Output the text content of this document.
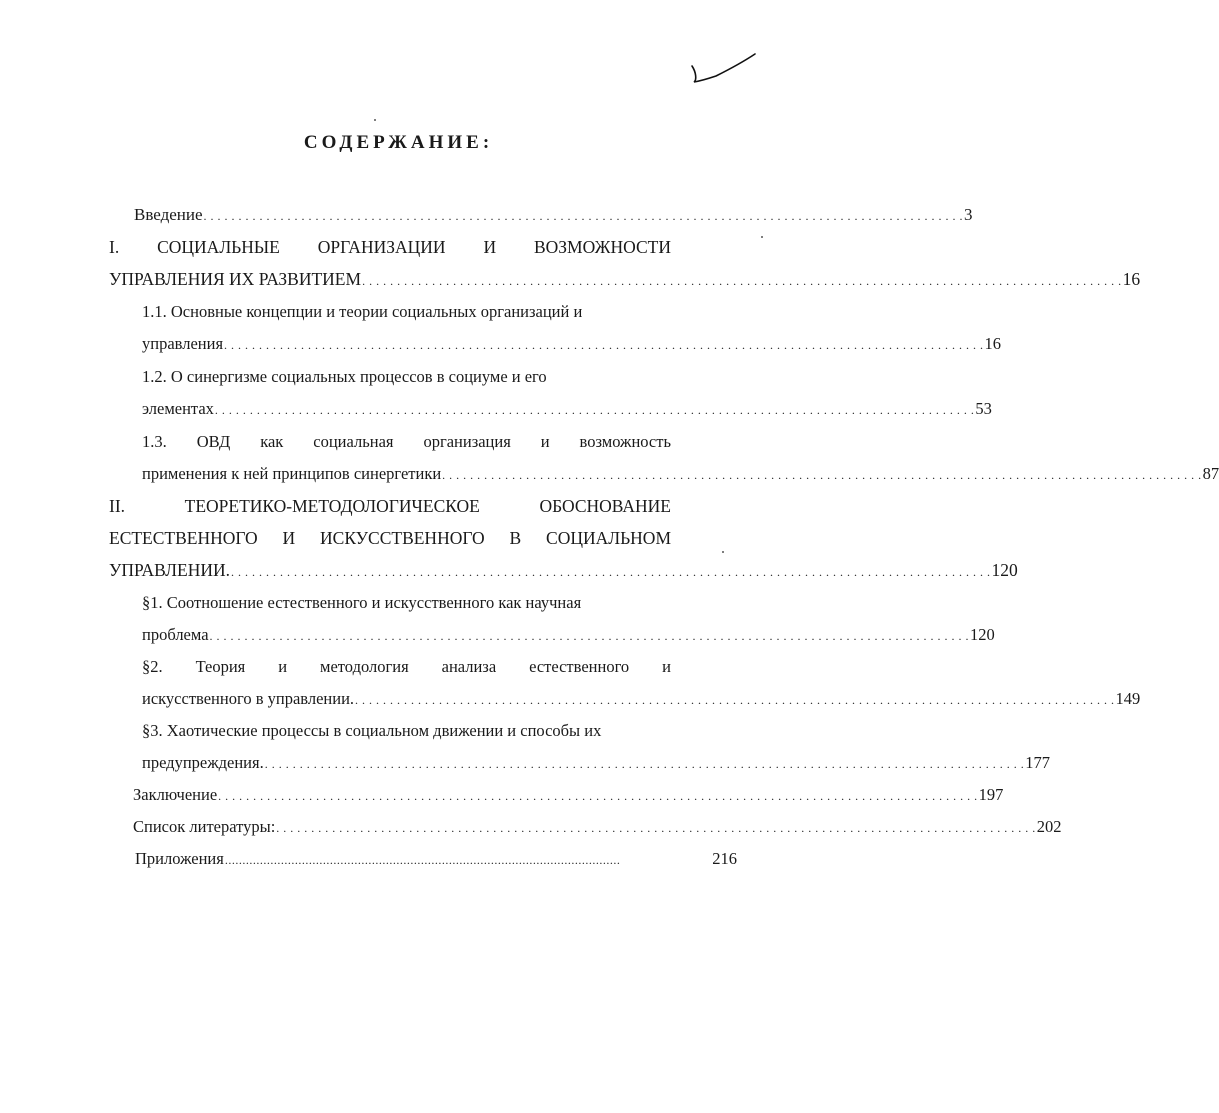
СОДЕРЖАНИЕ:
Введение . . . . . . . . . . . . . . . . . . . . . . . . . . . . . . . . . . . . . . . . . . . . . . . . . . . . . . . . . . . . . . . . . . . . . . . . . . . . . . . . . . . . . . . . . . . . . . . . . . . . . . . . . . . . . 3
I. СОЦИАЛЬНЫЕ ОРГАНИЗАЦИИ И ВОЗМОЖНОСТИ
УПРАВЛЕНИЯ ИХ РАЗВИТИЕМ . . . . . . . . . . . . . . . . . . . . . . . . . . . . . . . . . . . . . . . . . . . . . . . . . . . . . . . . . . . . . . . . . . . . . . . . . . . . . . . . . . . . . . . . . . . . . . . . . . . . . . . . . . . . . 16
1.1. Основные концепции и теории социальных организаций и
управления . . . . . . . . . . . . . . . . . . . . . . . . . . . . . . . . . . . . . . . . . . . . . . . . . . . . . . . . . . . . . . . . . . . . . . . . . . . . . . . . . . . . . . . . . . . . . . . . . . . . . . . . . . . . . 16
1.2. О синергизме социальных процессов в социуме и его
элементах . . . . . . . . . . . . . . . . . . . . . . . . . . . . . . . . . . . . . . . . . . . . . . . . . . . . . . . . . . . . . . . . . . . . . . . . . . . . . . . . . . . . . . . . . . . . . . . . . . . . . . . . . . . . . 53
1.3. ОВД как социальная организация и возможность
применения к ней принципов синергетики . . . . . . . . . . . . . . . . . . . . . . . . . . . . . . . . . . . . . . . . . . . . . . . . . . . . . . . . . . . . . . . . . . . . . . . . . . . . . . . . . . . . . . . . . . . . . . . . . . . . . . . . . . . . . 87
II.	ТЕОРЕТИКО-МЕТОДОЛОГИЧЕСКОЕ	ОБОСНОВАНИЕ
ЕСТЕСТВЕННОГО И ИСКУССТВЕННОГО В СОЦИАЛЬНОМ
УПРАВЛЕНИИ. . . . . . . . . . . . . . . . . . . . . . . . . . . . . . . . . . . . . . . . . . . . . . . . . . . . . . . . . . . . . . . . . . . . . . . . . . . . . . . . . . . . . . . . . . . . . . . . . . . . . . . . . . . . . . 120
§1. Соотношение естественного и искусственного как научная
проблема . . . . . . . . . . . . . . . . . . . . . . . . . . . . . . . . . . . . . . . . . . . . . . . . . . . . . . . . . . . . . . . . . . . . . . . . . . . . . . . . . . . . . . . . . . . . . . . . . . . . . . . . . . . . . 120
§2. Теория и методология анализа естественного и
искусственного в управлении. . . . . . . . . . . . . . . . . . . . . . . . . . . . . . . . . . . . . . . . . . . . . . . . . . . . . . . . . . . . . . . . . . . . . . . . . . . . . . . . . . . . . . . . . . . . . . . . . . . . . . . . . . . . . . 149
§3. Хаотические процессы в социальном движении и способы их
предупреждения. . . . . . . . . . . . . . . . . . . . . . . . . . . . . . . . . . . . . . . . . . . . . . . . . . . . . . . . . . . . . . . . . . . . . . . . . . . . . . . . . . . . . . . . . . . . . . . . . . . . . . . . . . . . . . 177
Заключение . . . . . . . . . . . . . . . . . . . . . . . . . . . . . . . . . . . . . . . . . . . . . . . . . . . . . . . . . . . . . . . . . . . . . . . . . . . . . . . . . . . . . . . . . . . . . . . . . . . . . . . . . . . . . 197
Список литературы: . . . . . . . . . . . . . . . . . . . . . . . . . . . . . . . . . . . . . . . . . . . . . . . . . . . . . . . . . . . . . . . . . . . . . . . . . . . . . . . . . . . . . . . . . . . . . . . . . . . . . . . . . . . . . 202
Приложения .................................................................................................................	216
